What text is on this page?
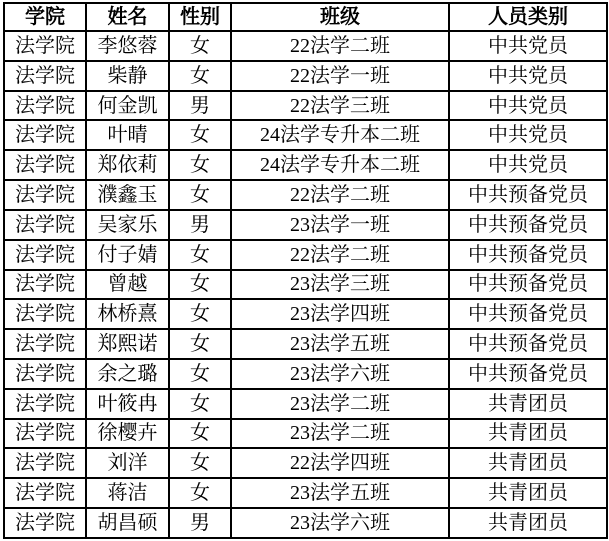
学院	姓名	性别	班级	人员类别
法学院	李悠蓉	女	22法学二班	中共党员
法学院	柴静	女	22法学一班	中共党员
法学院	何金凯	男	22法学三班	中共党员
法学院	叶晴	女	24法学专升本二班	中共党员
法学院	郑依莉	女	24法学专升本二班	中共党员
法学院	濮鑫玉	女	22法学二班	中共预备党员
法学院	吴家乐	男	23法学一班	中共预备党员
法学院	付子婧	女	22法学二班	中共预备党员
法学院	曾越	女	23法学三班	中共预备党员
法学院	林桥熹	女	23法学四班	中共预备党员
法学院	郑熙诺	女	23法学五班	中共预备党员
法学院	余之璐	女	23法学六班	中共预备党员
法学院	叶筱冉	女	23法学二班	共青团员
法学院	徐樱卉	女	23法学二班	共青团员
法学院	刘洋	女	22法学四班	共青团员
法学院	蒋洁	女	23法学五班	共青团员
法学院	胡昌硕	男	23法学六班	共青团员
